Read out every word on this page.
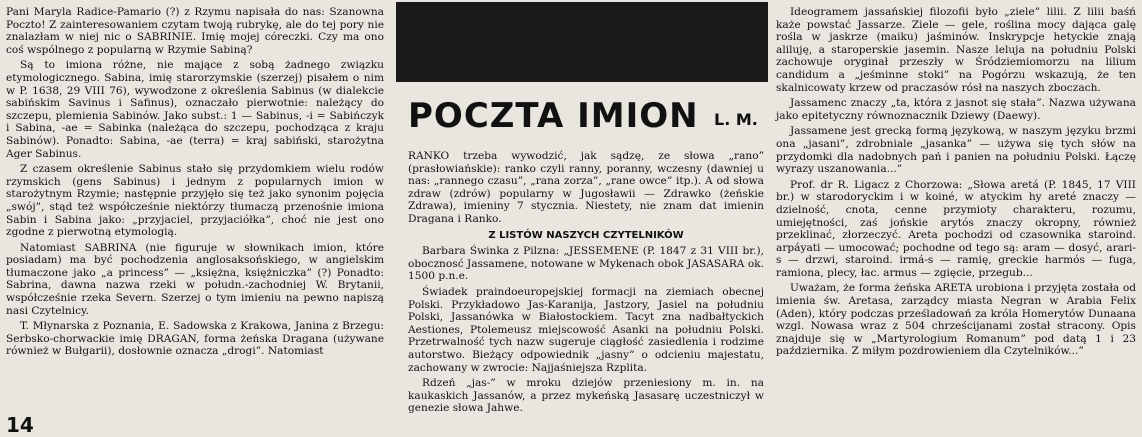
Pani Maryla Radice-Pamario (?) z Rzymu napisała do nas: Szanowna Poczto! Z zainteresowaniem czytam twoją rubrykę, ale do tej pory nie znalazłam w niej nic o SABRINIE. Imię mojej córeczki. Czy ma ono coś wspólnego z popularną w Rzymie Sabiną?

Są to imiona różne, nie mające z sobą żadnego związku etymologicznego. Sabina, imię starorzymskie (szerzej) pisałem o nim w P. 1638, 29 VIII 76), wywodzone z określenia Sabinus (w dialekcie sabińskim Savinus i Safinus), oznaczało pierwotnie: należący do szczepu, plemienia Sabinów. Jako subst.: 1 — Sabinus, -i = Sabińczyk i Sabina, -ae = Sabinka (należąca do szczepu, pochodząca z kraju Sabinów). Ponadto: Sabina, -ae (terra) = kraj sabiński, starożytna Ager Sabinus.

Z czasem określenie Sabinus stało się przydomkiem wielu rodów rzymskich (gens Sabinus) i jednym z popularnych imion w starożytnym Rzymie; następnie przyjęło się też jako synonim pojęcia „swój”, stąd też współcześnie niektórzy tłumaczą przenośnie imiona Sabin i Sabina jako: „przyjaciel, przyjaciółka”, choć nie jest ono zgodne z pierwotną etymologią.

Natomiast SABRINA (nie figuruje w słownikach imion, które posiadam) ma być pochodzenia anglosaksońskiego, w angielskim tłumaczone jako „a princess” — „księżna, księżniczka” (?) Ponadto: Sabrina, dawna nazwa rzeki w połudn.-zachodniej W. Brytanii, współcześnie rzeka Severn. Szerzej o tym imieniu na pewno napiszą nasi Czytelnicy.

T. Młynarska z Poznania, E. Sadowska z Krakowa, Janina z Brzegu: Serbsko-chorwackie imię DRAGAN, forma żeńska Dragana (używane również w Bułgarii), dosłownie oznacza „drogi”. Natomiast

POCZTA IMION L. M.

RANKO trzeba wywodzić, jak sądzę, ze słowa „rano” (prasłowiańskie): ranko czyli ranny, poranny, wczesny (dawniej u nas: „rannego czasu”, „rana zorza”, „rane owce” itp.). A od słowa zdraw (zdrów) popularny w Jugosławii — Zdrawko (żeńskie Zdrawa), imieniny 7 stycznia. Niestety, nie znam dat imienin Dragana i Ranko.

Z LISTÓW NASZYCH CZYTELNIKÓW

Barbara Świnka z Pilzna: „JESSEMENE (P. 1847 z 31 VIII br.), obocznosć Jassamene, notowane w Mykenach obok JASASARA ok. 1500 p.n.e.

Świadek praindoeuropejskiej formacji na ziemiach obecnej Polski. Przykładowo Jas-Karanija, Jastzory, Jasiel na południu Polski, Jassanówka w Białostockiem. Tacyt zna nadbałtyckich Aestiones, Ptolemeusz miejscowość Asanki na południu Polski. Przetrwalność tych nazw sugeruje ciągłość zasiedlenia i rodzime autorstwo. Bieżący odpowiednik „jasny” o odcieniu majestatu, zachowany w zwrocie: Najjaśniejsza Rzplita.

Rdzeń „jas-” w mroku dziejów przeniesiony m. in. na kaukaskich Jassanów, a przez mykeńską Jasasarę uczestniczył w genezie słowa Jahwe.

Ideogramem jassańskiej filozofii było „ziele” lilii. Z lilii baśń każe powstać Jassarze. Ziele — gele, roślina mocy dająca galę rośla w jaskrze (maiku) jaśminów. Inskrypcje hetyckie znają aliluję, a staroperskie jasemin. Nasze leluja na południu Polski zachowuje oryginał przeszły w Śródziemiomorzu na lilium candidum a „jeśminne stoki” na Pogórzu wskazują, że ten skalnicowaty krzew od praczasów rósł na naszych zboczach.

Jassamenc znaczy „ta, która z jasnot się stała”. Nazwa używana jako epitetyczny równoznacznik Dziewy (Daewy).

Jassamene jest grecką formą językową, w naszym języku brzmi ona „jasani”, zdrobniale „jasanka” — używa się tych słów na przydomki dla nadobnych pań i panien na południu Polski. Łączę wyrazy uszanowania...”

Prof. dr R. Ligacz z Chorzowa: „Słowa aretá (P. 1845, 17 VIII br.) w starodoryckim i w koiné, w atyckim hy areté znaczy — dzielność, cnota, cenne przymioty charakteru, rozumu, umiejętności, zaś jońskie arytós znaczy okropny, również przeklinać, złorzeczyć. Areta pochodzi od czasownika staroind. arpáyati — umocować; pochodne od tego są: aram — dosyć, arari-s — drzwi, staroind. irmá-s — ramię, greckie harmós — fuga, ramiona, plecy, łac. armus — zgięcie, przegub...

Uważam, że forma żeńska ARETA urobiona i przyjęta została od imienia św. Aretasa, zarządcy miasta Negran w Arabia Felix (Aden), który podczas prześladowań za króla Homerytów Dunaana wzgl. Nowasa wraz z 504 chrześcijanami został stracony. Opis znajduje się w „Martyrologium Romanum” pod datą 1 i 23 października. Z miłym pozdrowieniem dla Czytelników...”

14
